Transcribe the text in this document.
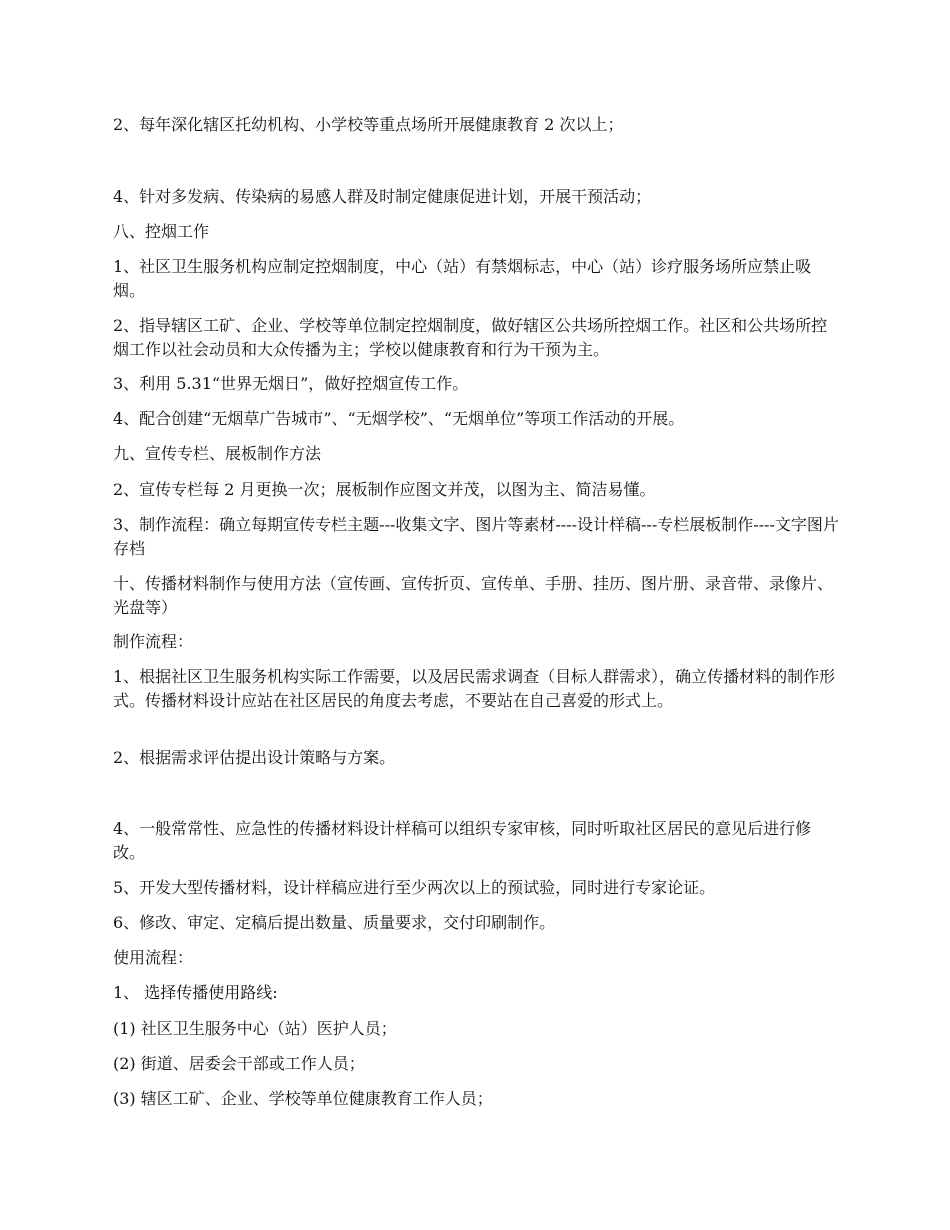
2、每年深化辖区托幼机构、小学校等重点场所开展健康教育 2 次以上；
4、针对多发病、传染病的易感人群及时制定健康促进计划，开展干预活动；
八、控烟工作
1、社区卫生服务机构应制定控烟制度，中心（站）有禁烟标志，中心（站）诊疗服务场所应禁止吸烟。
2、指导辖区工矿、企业、学校等单位制定控烟制度，做好辖区公共场所控烟工作。社区和公共场所控烟工作以社会动员和大众传播为主；学校以健康教育和行为干预为主。
3、利用 5.31“世界无烟日”，做好控烟宣传工作。
4、配合创建“无烟草广告城市”、“无烟学校”、“无烟单位”等项工作活动的开展。
九、宣传专栏、展板制作方法
2、宣传专栏每 2 月更换一次；展板制作应图文并茂，以图为主、简洁易懂。
3、制作流程：确立每期宣传专栏主题---收集文字、图片等素材----设计样稿---专栏展板制作----文字图片存档
十、传播材料制作与使用方法（宣传画、宣传折页、宣传单、手册、挂历、图片册、录音带、录像片、光盘等）
制作流程：
1、根据社区卫生服务机构实际工作需要，以及居民需求调查（目标人群需求），确立传播材料的制作形式。传播材料设计应站在社区居民的角度去考虑，不要站在自己喜爱的形式上。
2、根据需求评估提出设计策略与方案。
4、一般常常性、应急性的传播材料设计样稿可以组织专家审核，同时听取社区居民的意见后进行修改。
5、开发大型传播材料，设计样稿应进行至少两次以上的预试验，同时进行专家论证。
6、修改、审定、定稿后提出数量、质量要求，交付印刷制作。
使用流程：
1、 选择传播使用路线:
(1) 社区卫生服务中心（站）医护人员；
(2) 街道、居委会干部或工作人员；
(3) 辖区工矿、企业、学校等单位健康教育工作人员；
